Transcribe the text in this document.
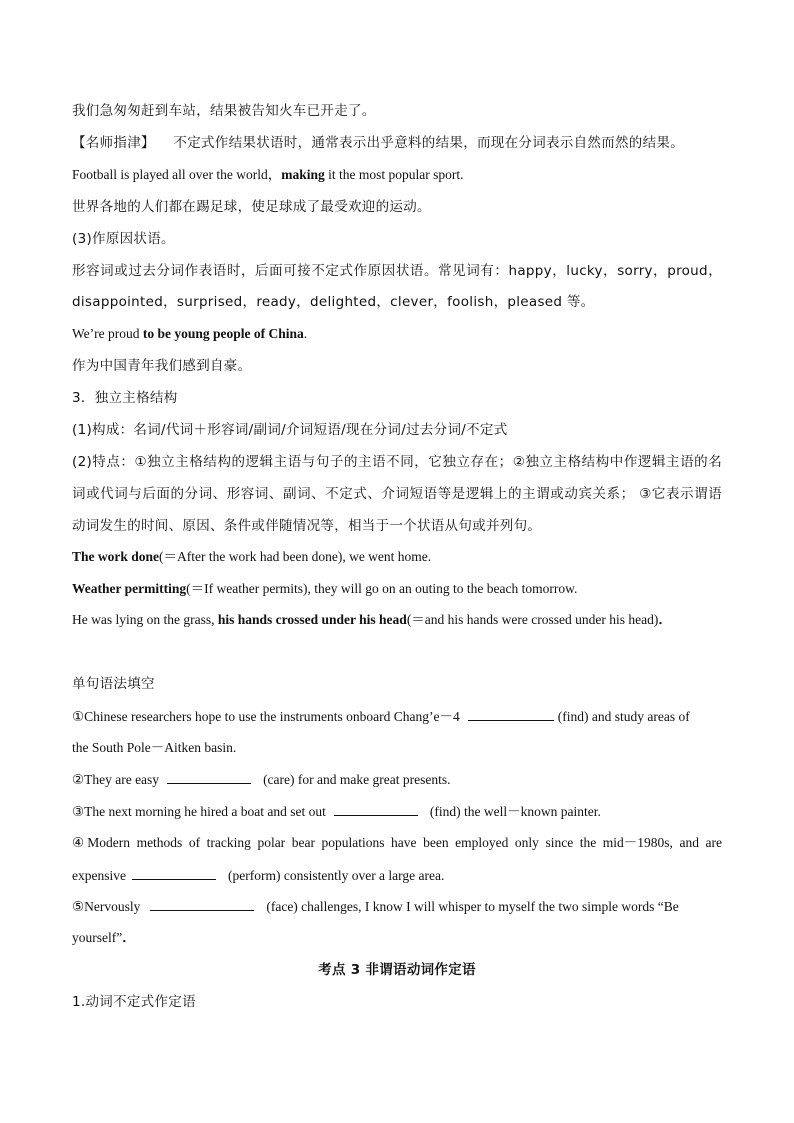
我们急匆匆赶到车站，结果被告知火车已开走了。
【名师指津】 不定式作结果状语时，通常表示出乎意料的结果，而现在分词表示自然而然的结果。
Football is played all over the world，making it the most popular sport.
世界各地的人们都在踢足球，使足球成了最受欢迎的运动。
(3)作原因状语。
形容词或过去分词作表语时，后面可接不定式作原因状语。常见词有：happy，lucky，sorry，proud，
disappointed，surprised，ready，delighted，clever，foolish，pleased 等。
We’re proud to be young people of China.
作为中国青年我们感到自豪。
3．独立主格结构
(1)构成：名词/代词＋形容词/副词/介词短语/现在分词/过去分词/不定式
(2)特点：①独立主格结构的逻辑主语与句子的主语不同，它独立存在；②独立主格结构中作逻辑主语的名
词或代词与后面的分词、形容词、副词、不定式、介词短语等是逻辑上的主谓或动宾关系； ③它表示谓语
动词发生的时间、原因、条件或伴随情况等，相当于一个状语从句或并列句。
The work done(＝After the work had been done), we went home.
Weather permitting(＝If weather permits), they will go on an outing to the beach tomorrow.
He was lying on the grass, his hands crossed under his head(＝and his hands were crossed under his head)．
单句语法填空
①Chinese researchers hope to use the instruments onboard Chang’e－4	(find) and study areas of
the South Pole－Aitken basin.
②They are easy	(care) for and make great presents.
③The next morning he hired a boat and set out	(find) the well－known painter.
④Modern methods of tracking polar bear populations have been employed only since the mid－1980s, and are
expensive	(perform) consistently over a large area.
⑤Nervously	(face) challenges, I know I will whisper to myself the two simple words “Be
yourself”．
考点 3 非谓语动词作定语
1.动词不定式作定语
